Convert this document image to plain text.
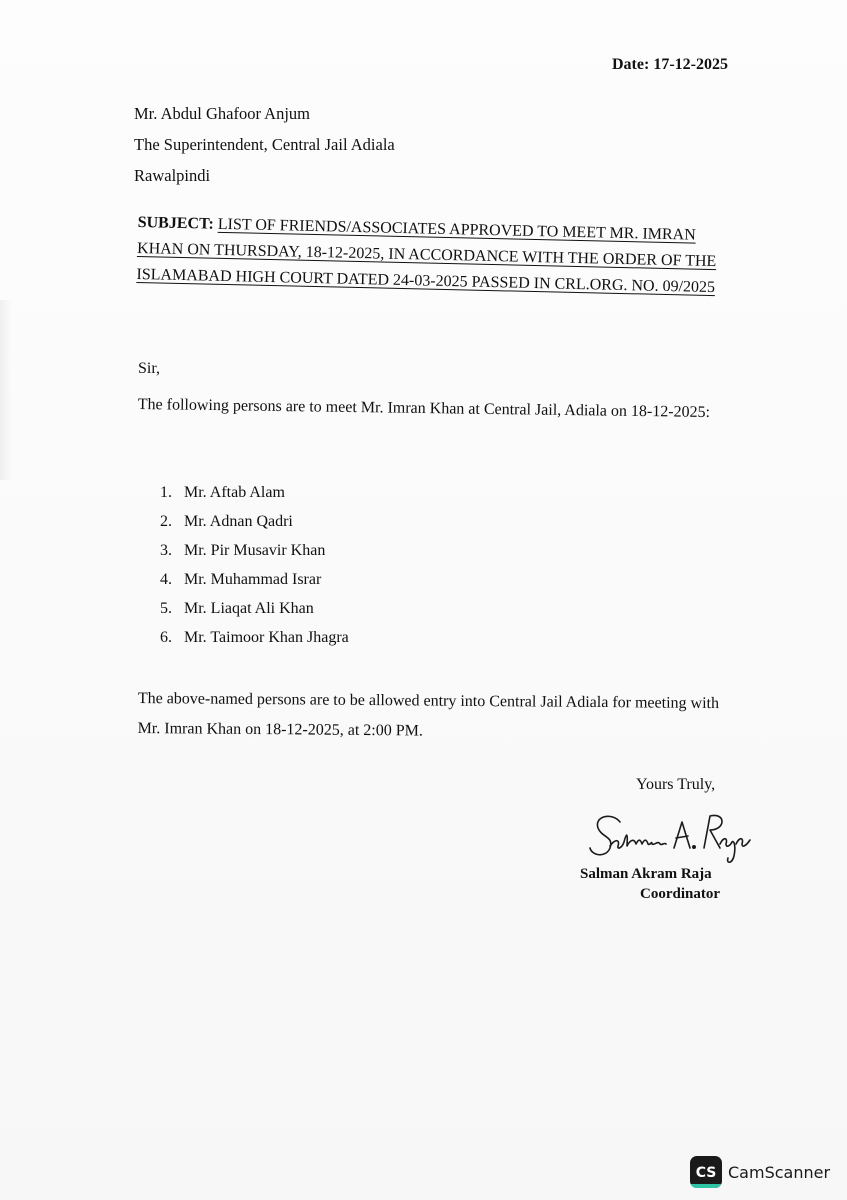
Date: 17-12-2025
Mr. Abdul Ghafoor Anjum
The Superintendent, Central Jail Adiala
Rawalpindi
SUBJECT: LIST OF FRIENDS/ASSOCIATES APPROVED TO MEET MR. IMRAN KHAN ON THURSDAY, 18-12-2025, IN ACCORDANCE WITH THE ORDER OF THE ISLAMABAD HIGH COURT DATED 24-03-2025 PASSED IN CRL.ORG. NO. 09/2025
Sir,
The following persons are to meet Mr. Imran Khan at Central Jail, Adiala on 18-12-2025:
1. Mr. Aftab Alam
2. Mr. Adnan Qadri
3. Mr. Pir Musavir Khan
4. Mr. Muhammad Israr
5. Mr. Liaqat Ali Khan
6. Mr. Taimoor Khan Jhagra
The above-named persons are to be allowed entry into Central Jail Adiala for meeting with Mr. Imran Khan on 18-12-2025, at 2:00 PM.
Yours Truly,
Salman Akram Raja
Coordinator
CS CamScanner
